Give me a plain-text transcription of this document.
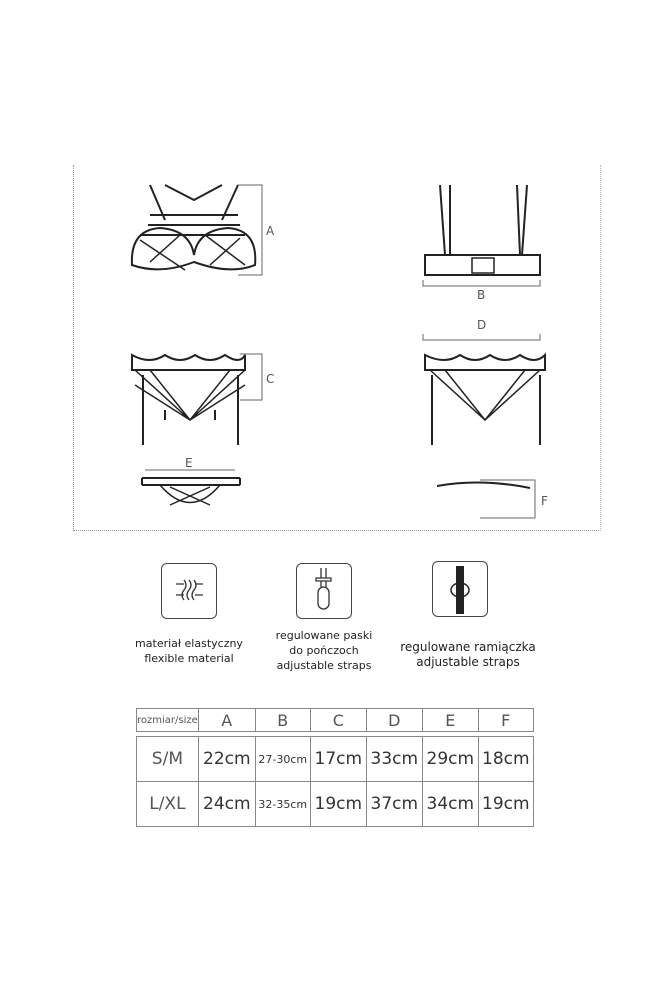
A
B
C
D
E
F
materiał elastyczny
flexible material
regulowane paski
do pończoch
adjustable straps
regulowane ramiączka
adjustable straps
rozmiar/size	A	B	C	D	E	F

S/M	22cm	27-30cm	17cm	33cm	29cm	18cm
L/XL	24cm	32-35cm	19cm	37cm	34cm	19cm
